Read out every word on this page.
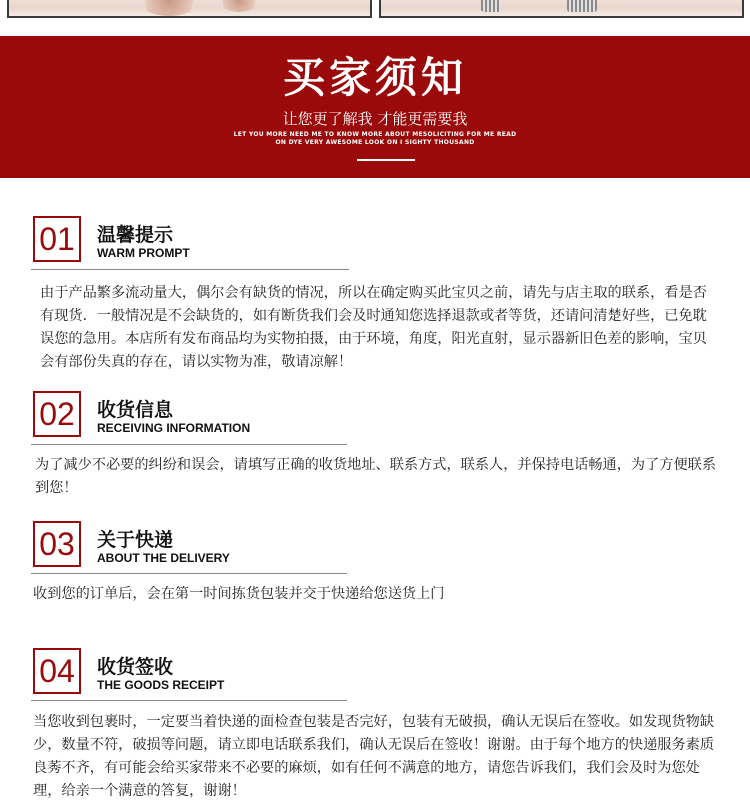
买家须知
让您更了解我 才能更需要我
LET YOU MORE NEED ME TO KNOW MORE ABOUT MESOLICITING FOR ME READ
ON DYE VERY AWESOME LOOK ON I SIGHTY THOUSAND
01	温馨提示
WARM PROMPT
由于产品繁多流动量大，偶尔会有缺货的情况，所以在确定购买此宝贝之前，请先与店主取的联系，看是否有现货．一般情况是不会缺货的，如有断货我们会及时通知您选择退款或者等货，还请问清楚好些，已免耽误您的急用。本店所有发布商品均为实物拍摄，由于环境，角度，阳光直射，显示器新旧色差的影响，宝贝会有部份失真的存在，请以实物为准，敬请凉解！
02	收货信息
RECEIVING INFORMATION
为了减少不必要的纠纷和误会，请填写正确的收货地址、联系方式，联系人，并保持电话畅通，为了方便联系到您！
03	关于快递
ABOUT THE DELIVERY
收到您的订单后，会在第一时间拣货包装并交于快递给您送货上门
04	收货签收
THE GOODS RECEIPT
当您收到包裹时，一定要当着快递的面检查包装是否完好，包装有无破损，确认无误后在签收。如发现货物缺少，数量不符，破损等问题，请立即电话联系我们，确认无误后在签收！谢谢。由于每个地方的快递服务素质良莠不齐，有可能会给买家带来不必要的麻烦，如有任何不满意的地方，请您告诉我们，我们会及时为您处理，给亲一个满意的答复，谢谢！
